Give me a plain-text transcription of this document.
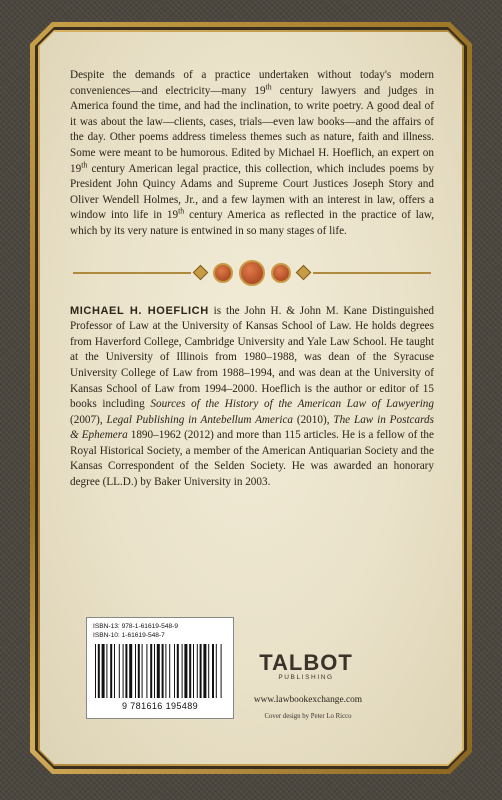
Despite the demands of a practice undertaken without today's modern conveniences—and electricity—many 19th century lawyers and judges in America found the time, and had the inclination, to write poetry. A good deal of it was about the law—clients, cases, trials—even law books—and the affairs of the day. Other poems address timeless themes such as nature, faith and illness. Some were meant to be humorous. Edited by Michael H. Hoeflich, an expert on 19th century American legal practice, this collection, which includes poems by President John Quincy Adams and Supreme Court Justices Joseph Story and Oliver Wendell Holmes, Jr., and a few laymen with an interest in law, offers a window into life in 19th century America as reflected in the practice of law, which by its very nature is entwined in so many stages of life.

MICHAEL H. HOEFLICH is the John H. & John M. Kane Distinguished Professor of Law at the University of Kansas School of Law. He holds degrees from Haverford College, Cambridge University and Yale Law School. He taught at the University of Illinois from 1980–1988, was dean of the Syracuse University College of Law from 1988–1994, and was dean at the University of Kansas School of Law from 1994–2000. Hoeflich is the author or editor of 15 books including Sources of the History of the American Law of Lawyering (2007), Legal Publishing in Antebellum America (2010), The Law in Postcards & Ephemera 1890–1962 (2012) and more than 115 articles. He is a fellow of the Royal Historical Society, a member of the American Antiquarian Society and the Kansas Correspondent of the Selden Society. He was awarded an honorary degree (LL.D.) by Baker University in 2003.

ISBN-13: 978-1-61619-548-9
ISBN-10: 1-61619-548-7
9 781616 195489
TALBOT
PUBLISHING
www.lawbookexchange.com
Cover design by Peter Lo Ricco
